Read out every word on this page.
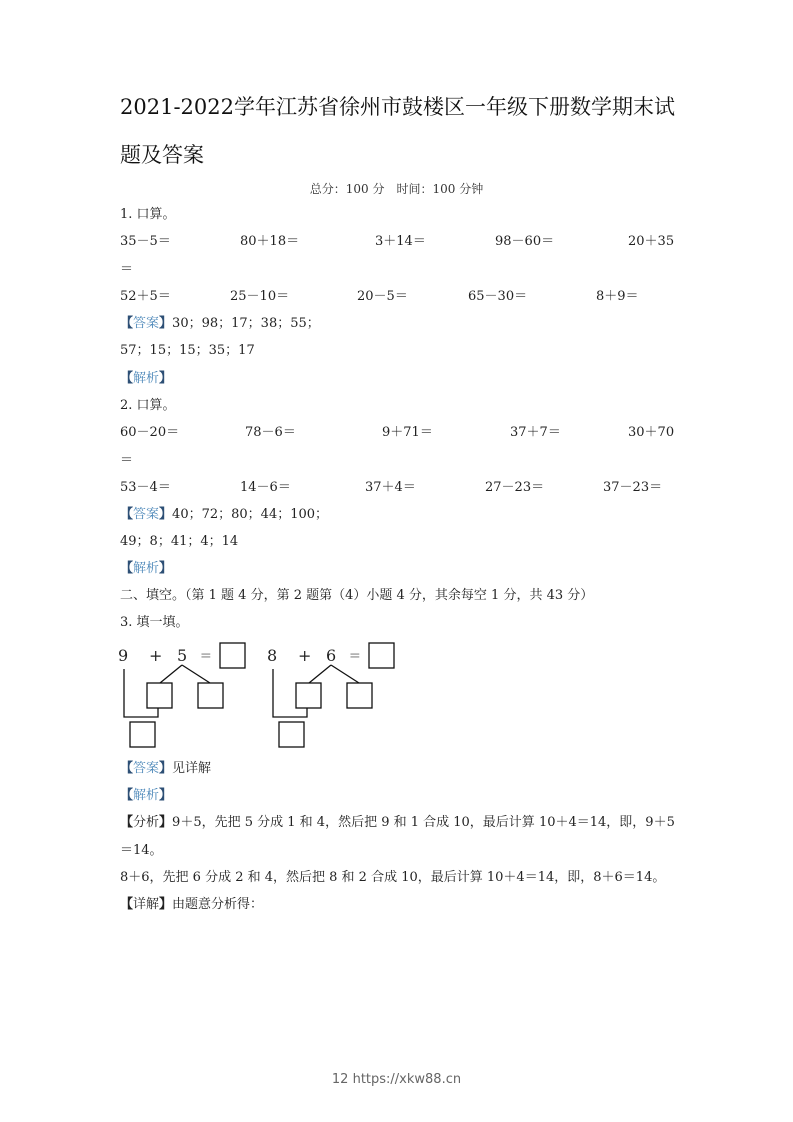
2021-2022学年江苏省徐州市鼓楼区一年级下册数学期末试
题及答案
总分：100 分　时间：100 分钟
1. 口算。
35－5＝	80＋18＝	3＋14＝	98－60＝	20＋35
＝
52＋5＝	25－10＝	20－5＝	65－30＝	8＋9＝
【答案】30；98；17；38；55；
57；15；15；35；17
【解析】
2. 口算。
60－20＝	78－6＝	9＋71＝	37＋7＝	30＋70
＝
53－4＝	14－6＝	37＋4＝	27－23＝	37－23＝
【答案】40；72；80；44；100；
49；8；41；4；14
【解析】
二、填空。（第 1 题 4 分，第 2 题第（4）小题 4 分，其余每空 1 分，共 43 分）
3. 填一填。
9 + 5 =	8 + 6 =
【答案】见详解
【解析】
【分析】9＋5，先把 5 分成 1 和 4，然后把 9 和 1 合成 10，最后计算 10＋4＝14，即，9＋5
＝14。
8＋6，先把 6 分成 2 和 4，然后把 8 和 2 合成 10，最后计算 10＋4＝14，即，8＋6＝14。
【详解】由题意分析得：
12 https://xkw88.cn
